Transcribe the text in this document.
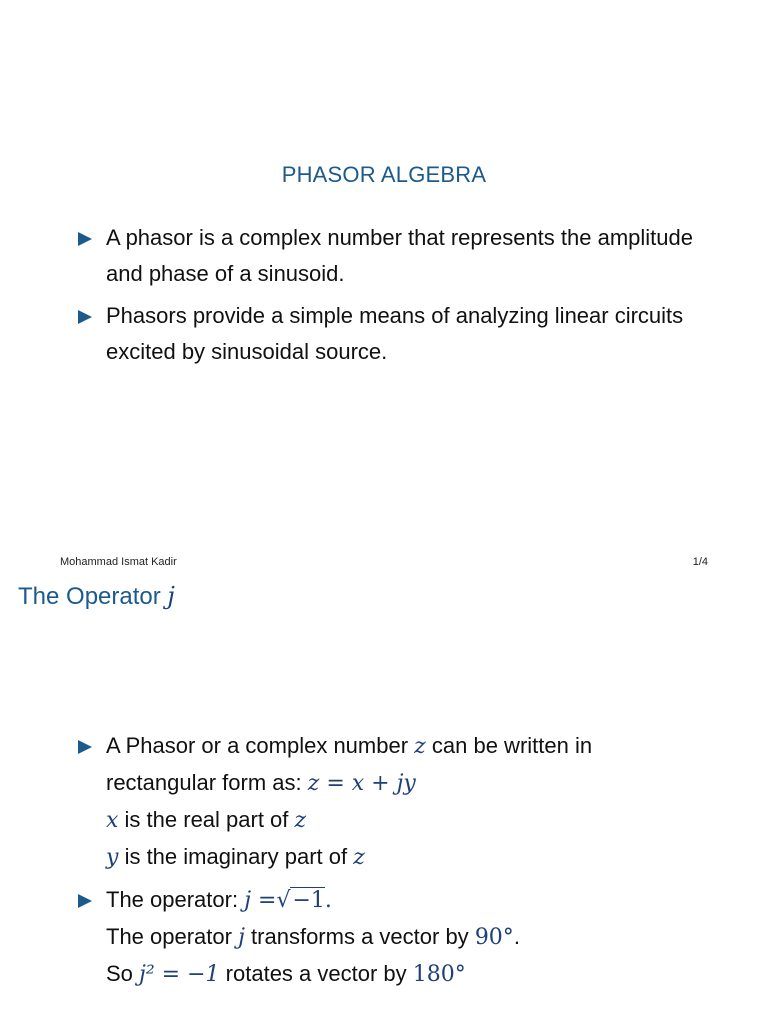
PHASOR ALGEBRA
A phasor is a complex number that represents the amplitude and phase of a sinusoid.
Phasors provide a simple means of analyzing linear circuits excited by sinusoidal source.
Mohammad Ismat Kadir	1/4
The Operator j
A Phasor or a complex number z can be written in
rectangular form as: z = x + jy
x is the real part of z
y is the imaginary part of z
The operator: j =√−1.
The operator j transforms a vector by 90°.
So j² = −1 rotates a vector by 180°
